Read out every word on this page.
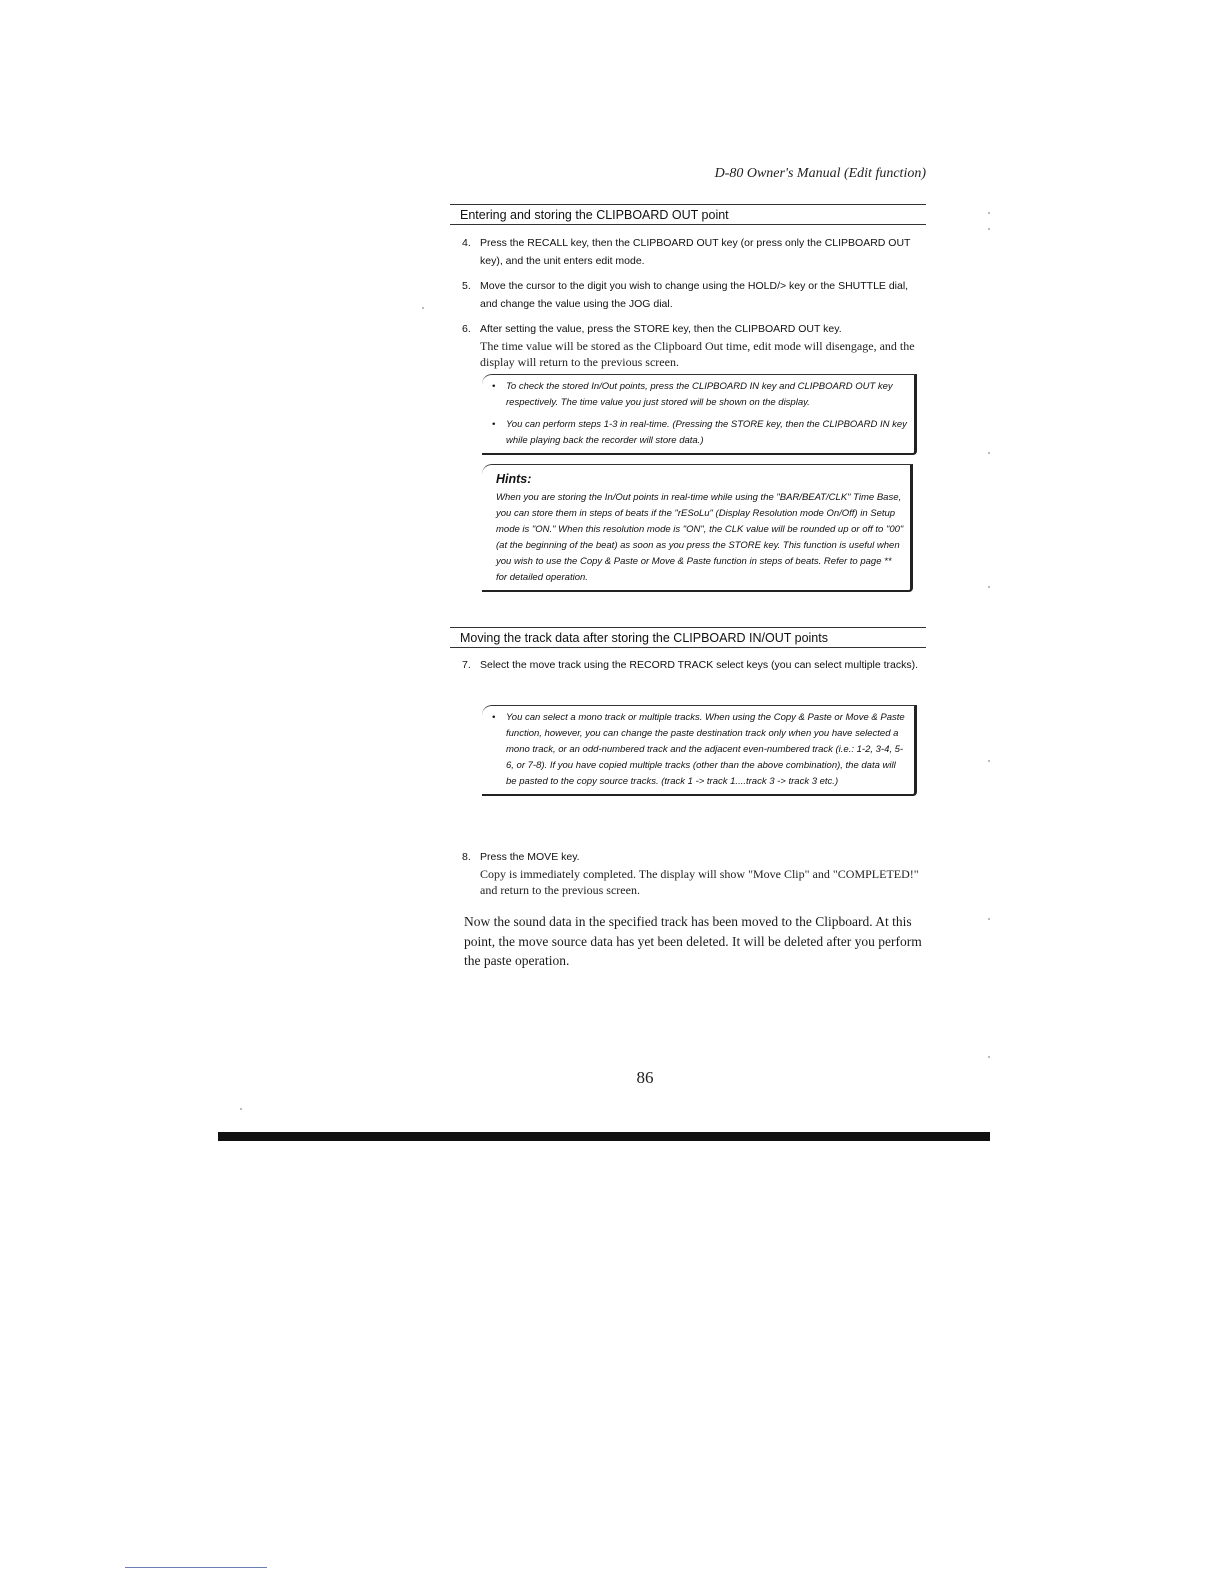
D-80 Owner's Manual (Edit function)
Entering and storing the CLIPBOARD OUT point
4. Press the RECALL key, then the CLIPBOARD OUT key (or press only the CLIPBOARD OUT key), and the unit enters edit mode.
5. Move the cursor to the digit you wish to change using the HOLD/> key or the SHUTTLE dial, and change the value using the JOG dial.
6. After setting the value, press the STORE key, then the CLIPBOARD OUT key.
The time value will be stored as the Clipboard Out time, edit mode will disengage, and the display will return to the previous screen.
•	To check the stored In/Out points, press the CLIPBOARD IN key and CLIPBOARD OUT key respectively. The time value you just stored will be shown on the display.
•	You can perform steps 1-3 in real-time. (Pressing the STORE key, then the CLIPBOARD IN key while playing back the recorder will store data.)
Hints:
When you are storing the In/Out points in real-time while using the "BAR/BEAT/CLK" Time Base, you can store them in steps of beats if the "rESoLu" (Display Resolution mode On/Off) in Setup mode is "ON." When this resolution mode is "ON", the CLK value will be rounded up or off to "00" (at the beginning of the beat) as soon as you press the STORE key. This function is useful when you wish to use the Copy & Paste or Move & Paste function in steps of beats. Refer to page ** for detailed operation.
Moving the track data after storing the CLIPBOARD IN/OUT points
7. Select the move track using the RECORD TRACK select keys (you can select multiple tracks).
•	You can select a mono track or multiple tracks. When using the Copy & Paste or Move & Paste function, however, you can change the paste destination track only when you have selected a mono track, or an odd-numbered track and the adjacent even-numbered track (i.e.: 1-2, 3-4, 5-6, or 7-8). If you have copied multiple tracks (other than the above combination), the data will be pasted to the copy source tracks. (track 1 -> track 1....track 3 -> track 3 etc.)
8. Press the MOVE key.
Copy is immediately completed. The display will show "Move Clip" and "COMPLETED!" and return to the previous screen.
Now the sound data in the specified track has been moved to the Clipboard. At this point, the move source data has yet been deleted. It will be deleted after you perform the paste operation.
86
